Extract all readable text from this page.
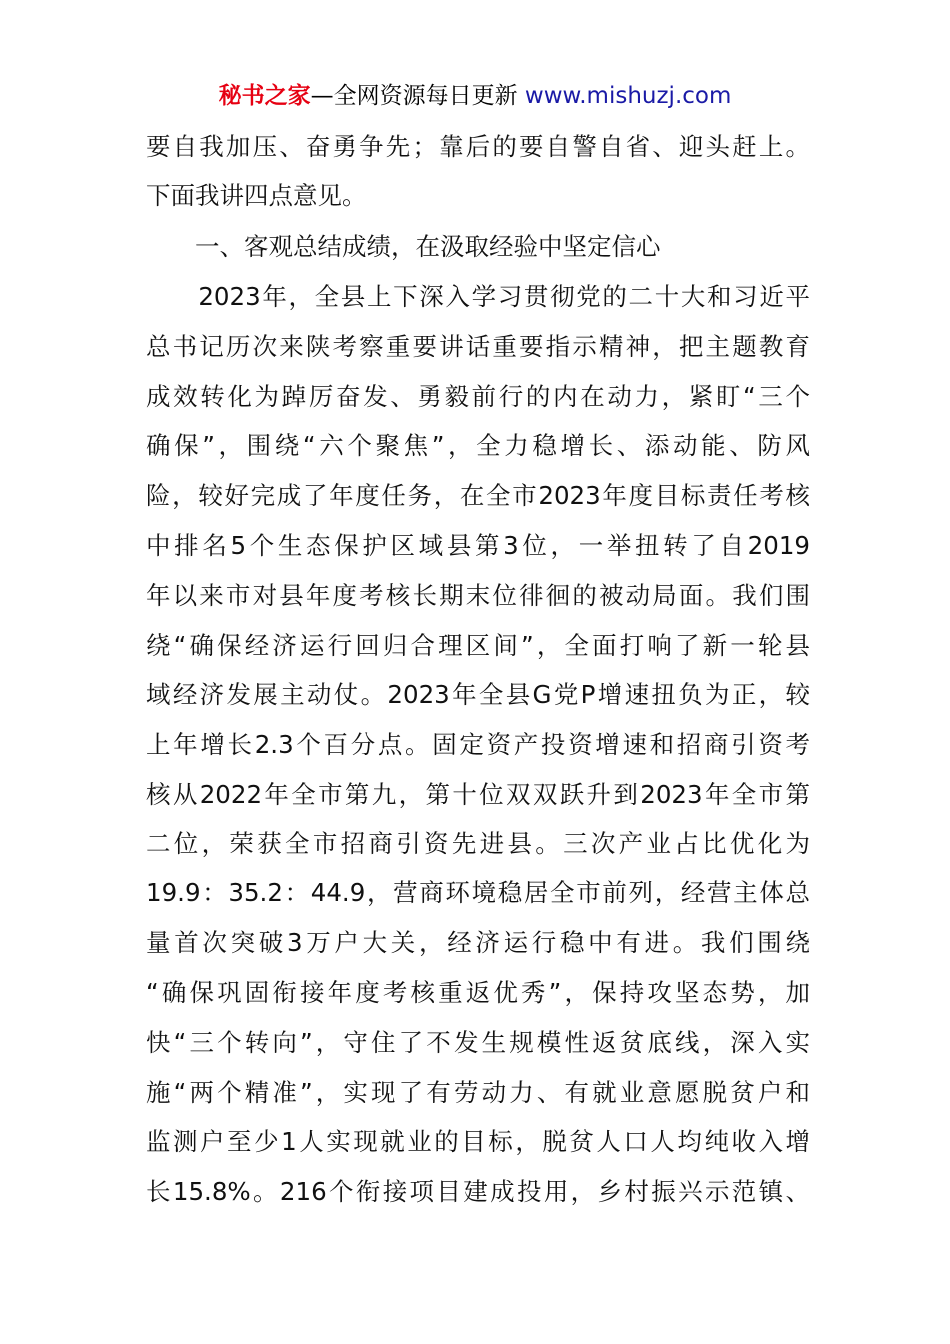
秘书之家—全网资源每日更新 www.mishuzj.com
要自我加压、奋勇争先；靠后的要自警自省、迎头赶上。
下面我讲四点意见。
　　一、客观总结成绩，在汲取经验中坚定信心
　　2023年，全县上下深入学习贯彻党的二十大和习近平
总书记历次来陕考察重要讲话重要指示精神，把主题教育
成效转化为踔厉奋发、勇毅前行的内在动力，紧盯“三个
确保”，围绕“六个聚焦”，全力稳增长、添动能、防风
险，较好完成了年度任务，在全市2023年度目标责任考核
中排名5个生态保护区域县第3位，一举扭转了自2019
年以来市对县年度考核长期末位徘徊的被动局面。我们围
绕“确保经济运行回归合理区间”，全面打响了新一轮县
域经济发展主动仗。2023年全县G党P增速扭负为正，较
上年增长2.3个百分点。固定资产投资增速和招商引资考
核从2022年全市第九，第十位双双跃升到2023年全市第
二位，荣获全市招商引资先进县。三次产业占比优化为
19.9：35.2：44.9，营商环境稳居全市前列，经营主体总
量首次突破3万户大关，经济运行稳中有进。我们围绕
“确保巩固衔接年度考核重返优秀”，保持攻坚态势，加
快“三个转向”，守住了不发生规模性返贫底线，深入实
施“两个精准”，实现了有劳动力、有就业意愿脱贫户和
监测户至少1人实现就业的目标，脱贫人口人均纯收入增
长15.8%。216个衔接项目建成投用，乡村振兴示范镇、
